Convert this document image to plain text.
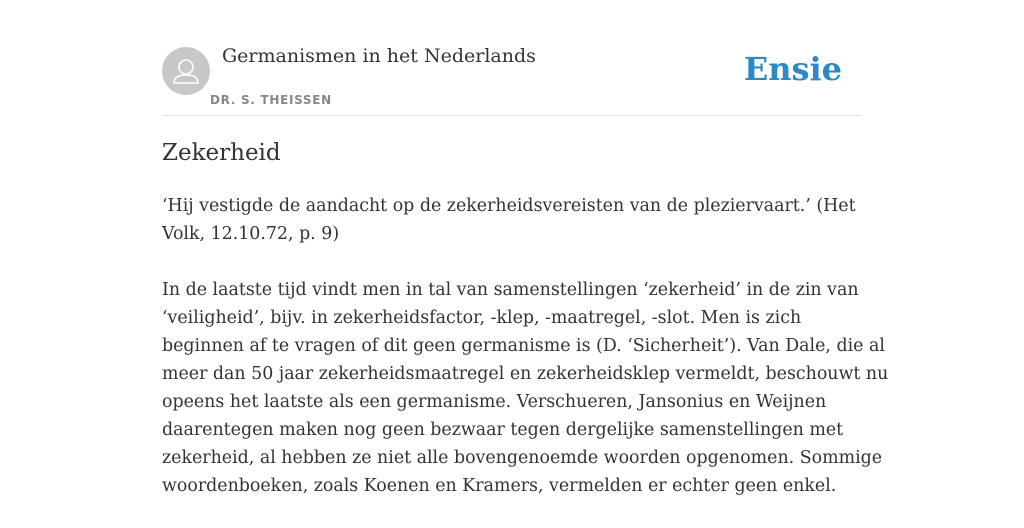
Germanismen in het Nederlands
DR. S. THEISSEN
Ensie
Zekerheid

‘Hij vestigde de aandacht op de zekerheidsvereisten van de pleziervaart.’ (Het
Volk, 12.10.72, p. 9)

In de laatste tijd vindt men in tal van samenstellingen ‘zekerheid’ in de zin van
‘veiligheid’, bijv. in zekerheidsfactor, -klep, -maatregel, -slot. Men is zich
beginnen af te vragen of dit geen germanisme is (D. ‘Sicherheit’). Van Dale, die al
meer dan 50 jaar zekerheidsmaatregel en zekerheidsklep vermeldt, beschouwt nu
opeens het laatste als een germanisme. Verschueren, Jansonius en Weijnen
daarentegen maken nog geen bezwaar tegen dergelijke samenstellingen met
zekerheid, al hebben ze niet alle bovengenoemde woorden opgenomen. Sommige
woordenboeken, zoals Koenen en Kramers, vermelden er echter geen enkel.
